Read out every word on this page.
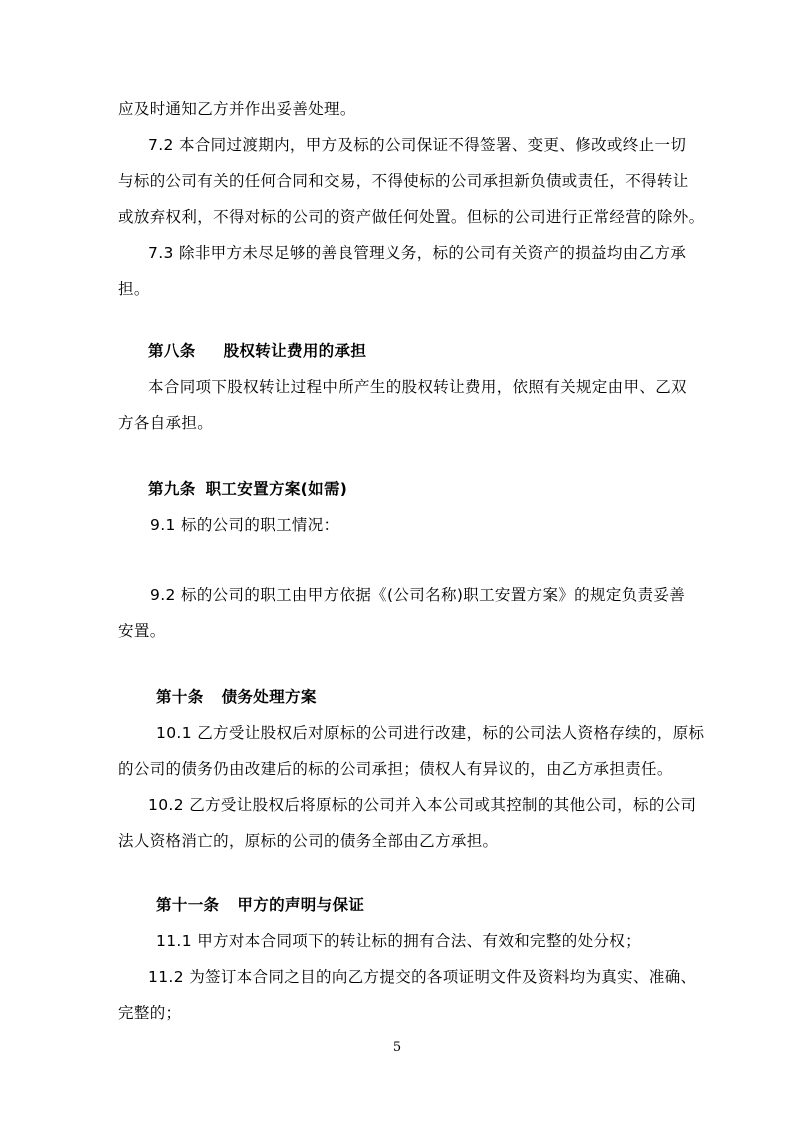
应及时通知乙方并作出妥善处理。
7.2 本合同过渡期内，甲方及标的公司保证不得签署、变更、修改或终止一切
与标的公司有关的任何合同和交易，不得使标的公司承担新负债或责任，不得转让
或放弃权利，不得对标的公司的资产做任何处置。但标的公司进行正常经营的除外。
7.3 除非甲方未尽足够的善良管理义务，标的公司有关资产的损益均由乙方承
担。
第八条 股权转让费用的承担
本合同项下股权转让过程中所产生的股权转让费用，依照有关规定由甲、乙双
方各自承担。
第九条 职工安置方案(如需)
9.1 标的公司的职工情况：
9.2 标的公司的职工由甲方依据《(公司名称)职工安置方案》的规定负责妥善
安置。
第十条 债务处理方案
10.1 乙方受让股权后对原标的公司进行改建，标的公司法人资格存续的，原标
的公司的债务仍由改建后的标的公司承担；债权人有异议的，由乙方承担责任。
10.2 乙方受让股权后将原标的公司并入本公司或其控制的其他公司，标的公司
法人资格消亡的，原标的公司的债务全部由乙方承担。
第十一条 甲方的声明与保证
11.1 甲方对本合同项下的转让标的拥有合法、有效和完整的处分权；
11.2 为签订本合同之目的向乙方提交的各项证明文件及资料均为真实、准确、
完整的；
5
